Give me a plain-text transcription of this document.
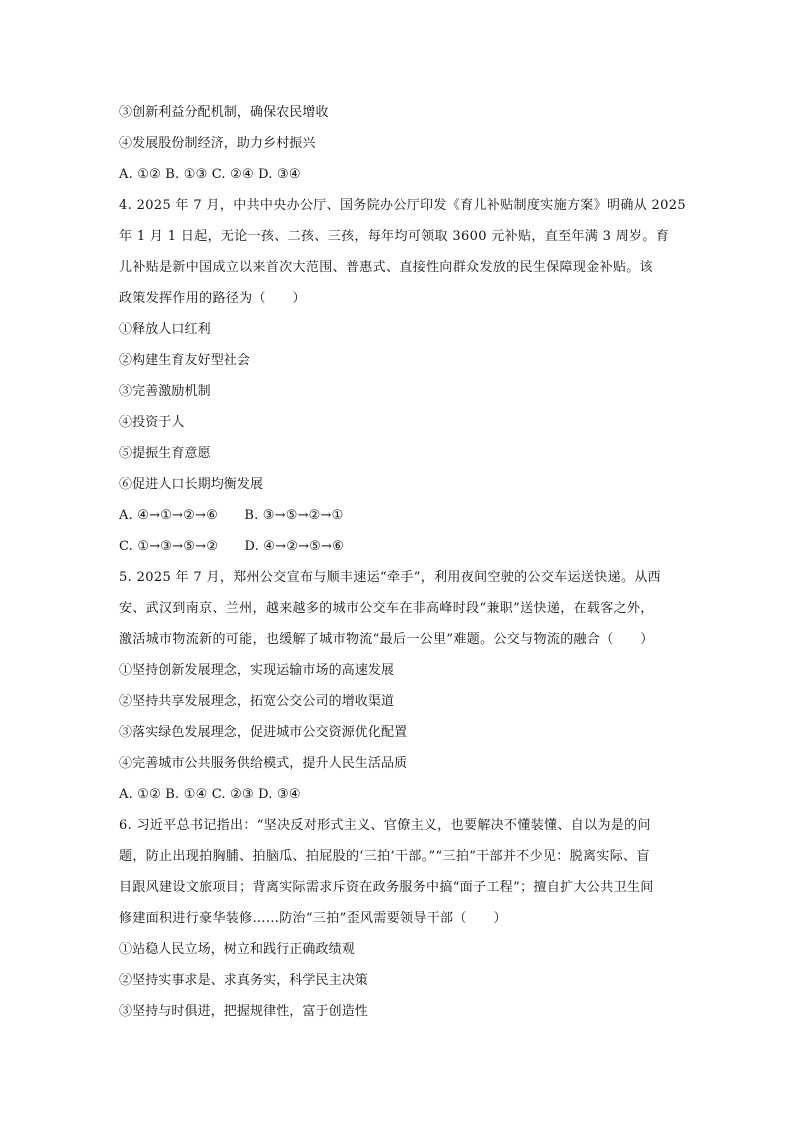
③创新利益分配机制，确保农民增收
④发展股份制经济，助力乡村振兴
A. ①② B. ①③ C. ②④ D. ③④
4. 2025 年 7 月，中共中央办公厅、国务院办公厅印发《育儿补贴制度实施方案》明确从 2025
年 1 月 1 日起，无论一孩、二孩、三孩，每年均可领取 3600 元补贴，直至年满 3 周岁。育
儿补贴是新中国成立以来首次大范围、普惠式、直接性向群众发放的民生保障现金补贴。该
政策发挥作用的路径为（　　）
①释放人口红利
②构建生育友好型社会
③完善激励机制
④投资于人
⑤提振生育意愿
⑥促进人口长期均衡发展
A. ④→①→②→⑥　　B. ③→⑤→②→①
C. ①→③→⑤→②　　D. ④→②→⑤→⑥
5. 2025 年 7 月，郑州公交宣布与顺丰速运“牵手”，利用夜间空驶的公交车运送快递。从西
安、武汉到南京、兰州，越来越多的城市公交车在非高峰时段“兼职”送快递，在载客之外，
激活城市物流新的可能，也缓解了城市物流“最后一公里”难题。公交与物流的融合（　　）
①坚持创新发展理念，实现运输市场的高速发展
②坚持共享发展理念，拓宽公交公司的增收渠道
③落实绿色发展理念，促进城市公交资源优化配置
④完善城市公共服务供给模式，提升人民生活品质
A. ①② B. ①④ C. ②③ D. ③④
6. 习近平总书记指出：“坚决反对形式主义、官僚主义，也要解决不懂装懂、自以为是的问
题，防止出现拍胸脯、拍脑瓜、拍屁股的‘三拍’干部。”“三拍”干部并不少见：脱离实际、盲
目跟风建设文旅项目；背离实际需求斥资在政务服务中搞“面子工程”；擅自扩大公共卫生间
修建面积进行豪华装修……防治“三拍”歪风需要领导干部（　　）
①站稳人民立场，树立和践行正确政绩观
②坚持实事求是、求真务实，科学民主决策
③坚持与时俱进，把握规律性，富于创造性
